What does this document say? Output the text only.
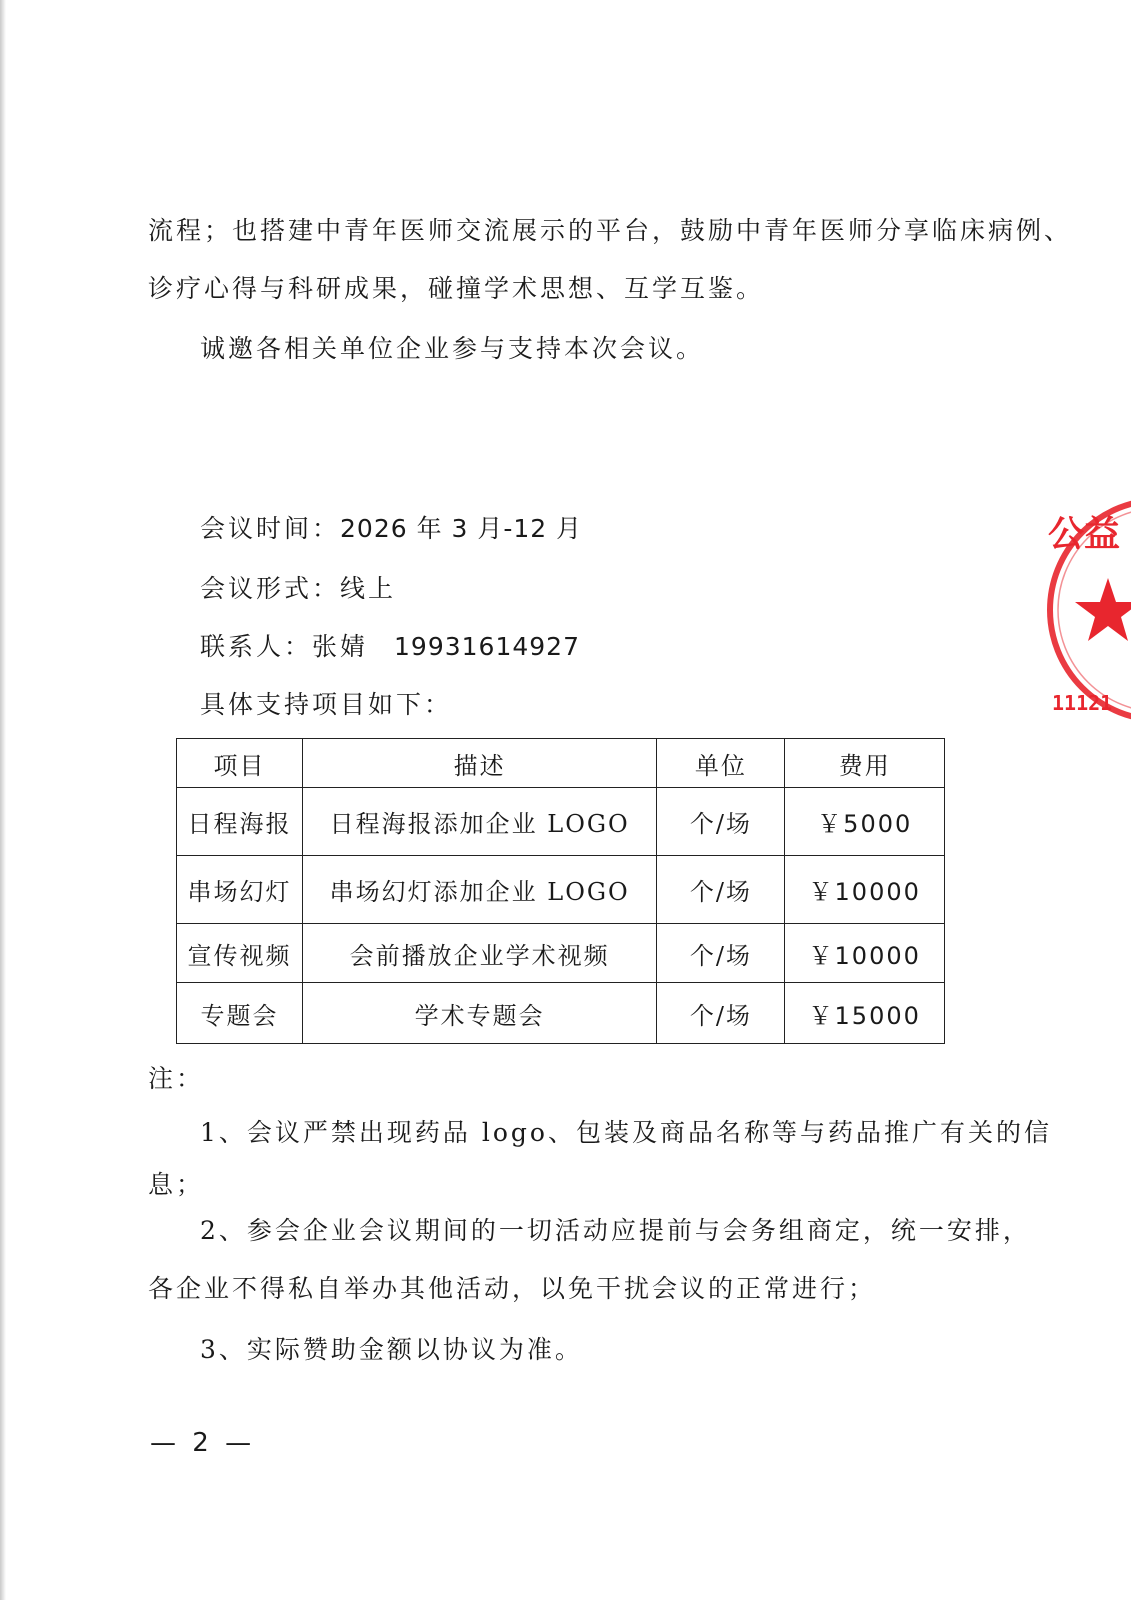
流程；也搭建中青年医师交流展示的平台，鼓励中青年医师分享临床病例、
诊疗心得与科研成果，碰撞学术思想、互学互鉴。
诚邀各相关单位企业参与支持本次会议。
会议时间：2026 年 3 月-12 月
会议形式：线上
联系人：张婧 19931614927
具体支持项目如下：
项目	描述	单位	费用
日程海报	日程海报添加企业 LOGO	个/场	￥5000
串场幻灯	串场幻灯添加企业 LOGO	个/场	￥10000
宣传视频	会前播放企业学术视频	个/场	￥10000
专题会	学术专题会	个/场	￥15000
注：
1、会议严禁出现药品 logo、包装及商品名称等与药品推广有关的信
息；
2、参会企业会议期间的一切活动应提前与会务组商定，统一安排，
各企业不得私自举办其他活动，以免干扰会议的正常进行；
3、实际赞助金额以协议为准。
— 2 —
公益
11121
